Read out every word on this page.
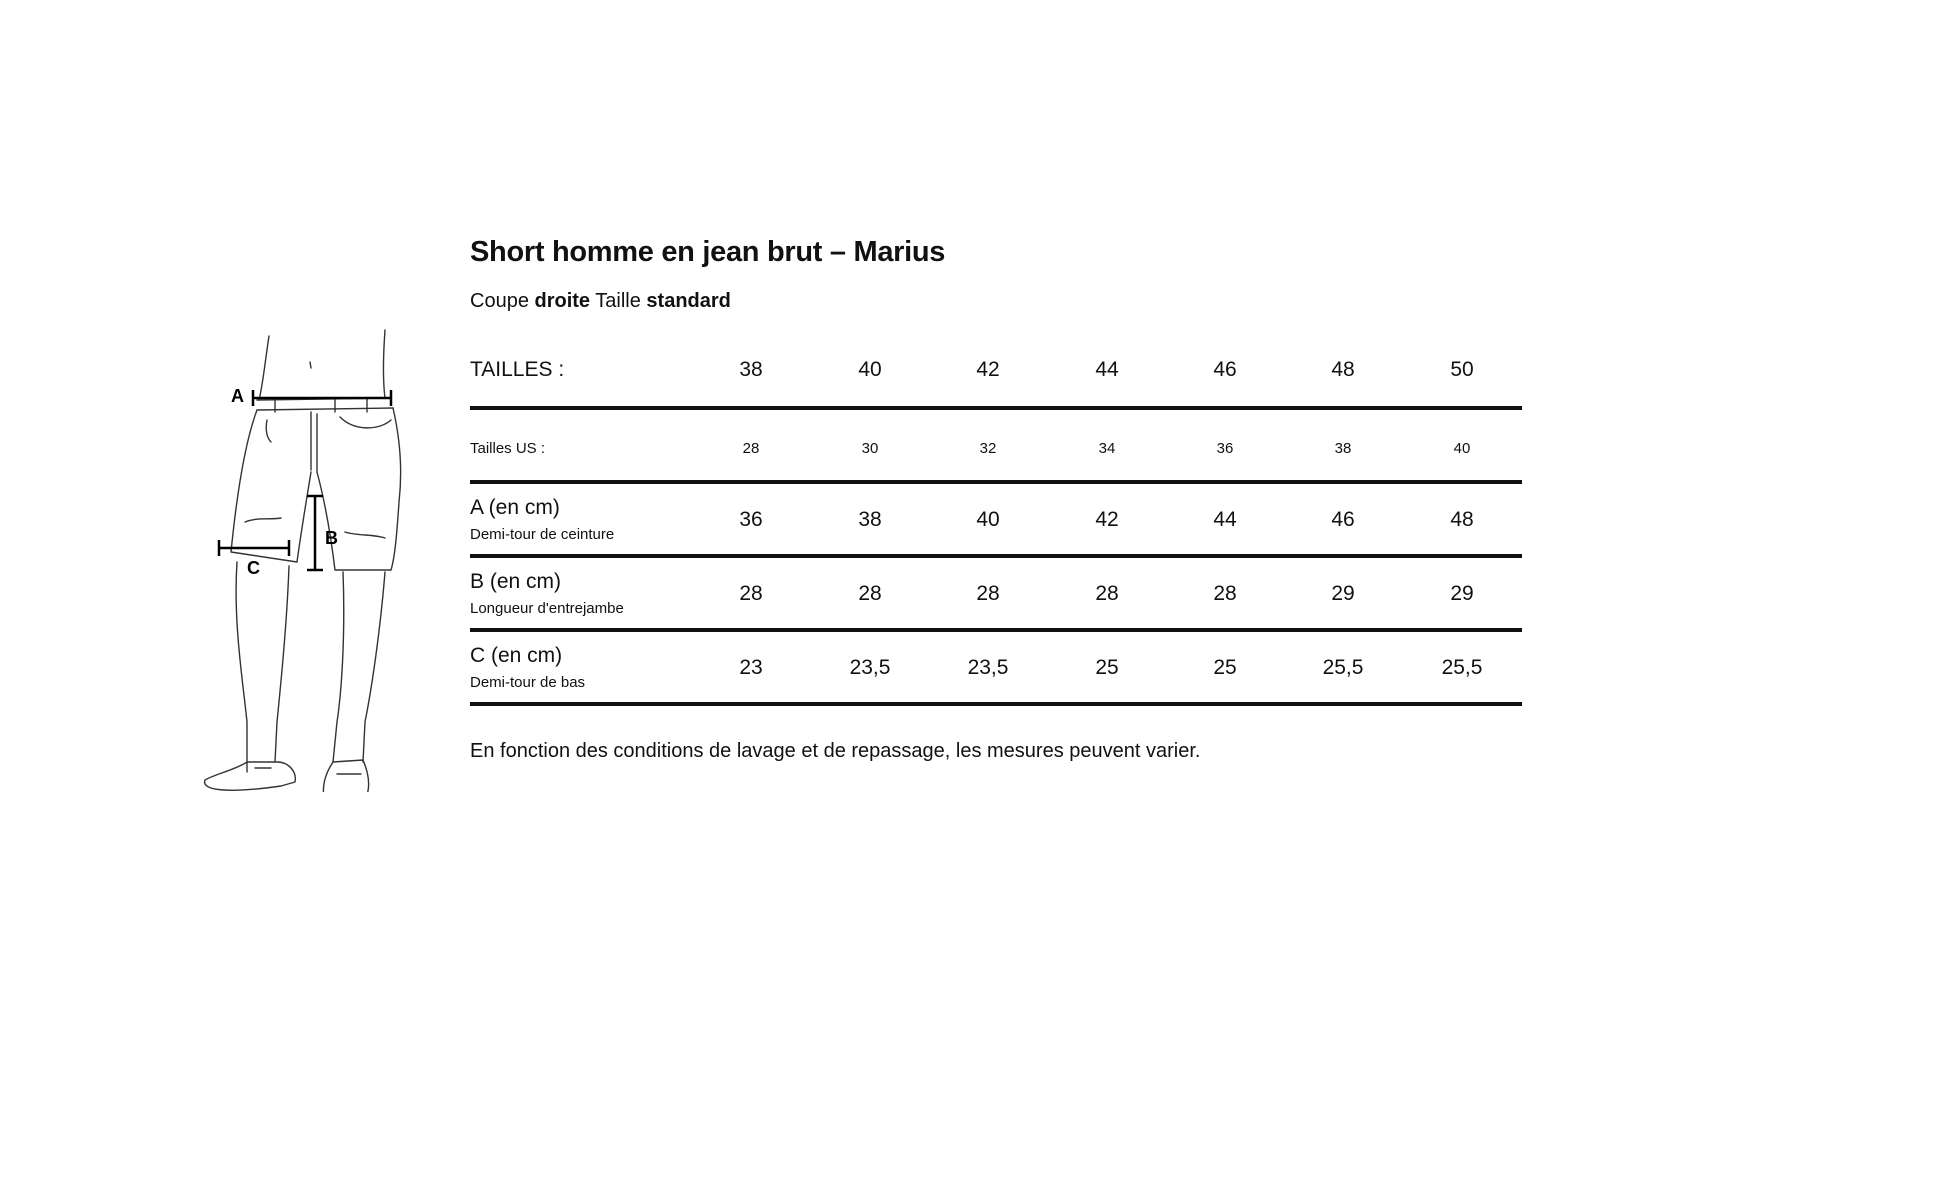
A
B
C
Short homme en jean brut – Marius
Coupe droite Taille standard
TAILLES :	38	40	42	44	46	48	50
Tailles US :	28	30	32	34	36	38	40
A (en cm)
Demi-tour de ceinture
36	38	40	42	44	46	48
B (en cm)
Longueur d'entrejambe
28	28	28	28	28	29	29
C (en cm)
Demi-tour de bas
23	23,5	23,5	25	25	25,5	25,5
En fonction des conditions de lavage et de repassage, les mesures peuvent varier.
